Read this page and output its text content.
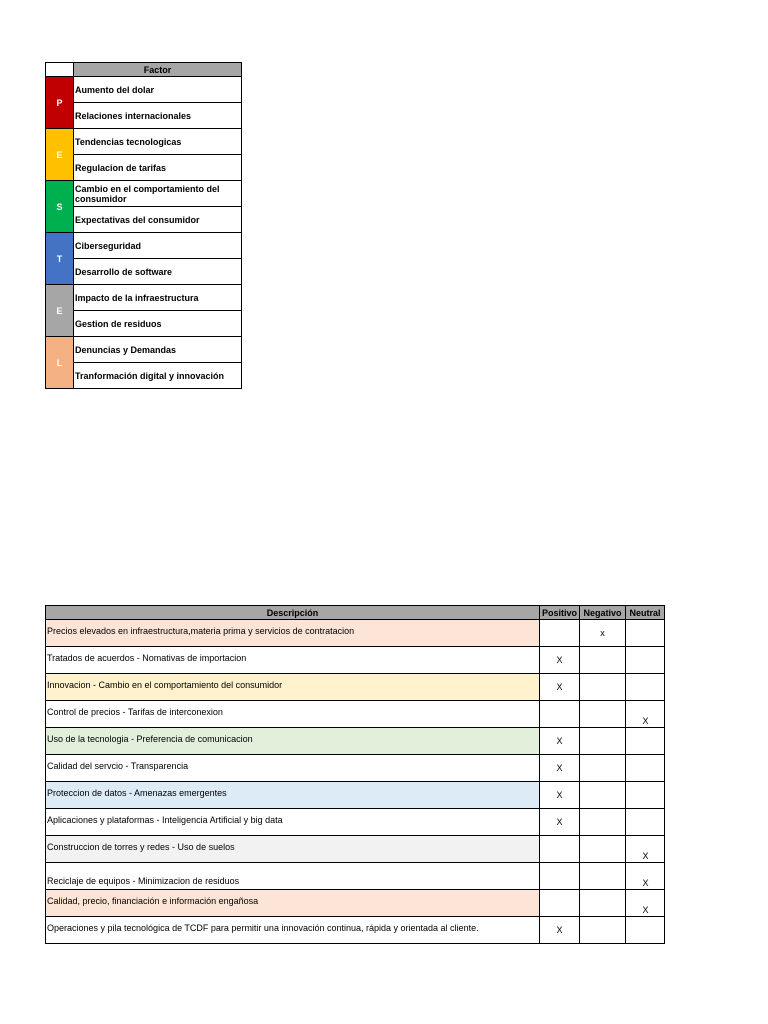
	Factor
P	Aumento del dolar
	Relaciones internacionales
E	Tendencias tecnologicas
	Regulacion de tarifas
S	Cambio en el comportamiento del consumidor
	Expectativas del consumidor
T	Ciberseguridad
	Desarrollo de software
E	Impacto de la infraestructura
	Gestion de residuos
L	Denuncias y Demandas
	Tranformación digital y innovación
Descripción	Positivo	Negativo	Neutral
Precios elevados en infraestructura,materia prima y servicios de contratacion		x	
Tratados de acuerdos - Nomativas de importacion	X		
Innovacion - Cambio en el comportamiento del consumidor	X		
Control de precios - Tarifas de interconexion			X
Uso de la tecnologia - Preferencia de comunicacion	X		
Calidad del servcio - Transparencia	X		
Proteccion de datos - Amenazas emergentes	X		
Aplicaciones y plataformas - Inteligencia Artificial y big data	X		
Construccion de torres y redes - Uso de suelos			X
Reciclaje de equipos - Minimizacion de residuos			X
Calidad, precio, financiación e información engañosa			X
Operaciones y pila tecnológica de TCDF para permitir una innovación continua, rápida y orientada al cliente.	X		
